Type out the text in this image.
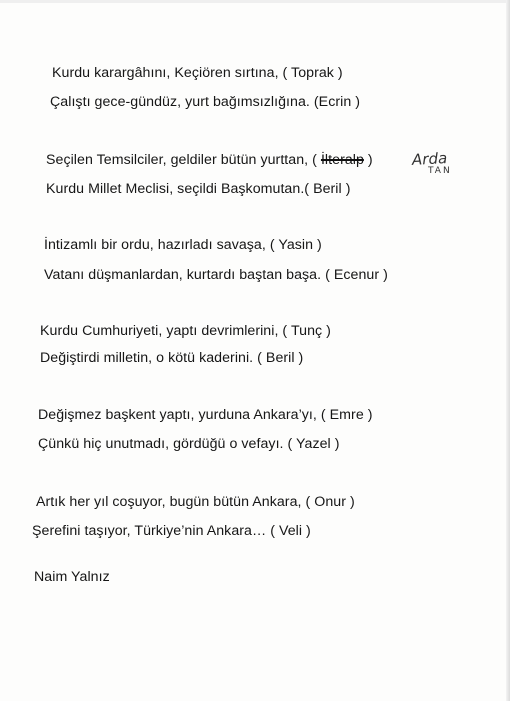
Kurdu karargâhını, Keçiören sırtına, ( Toprak )
Çalıştı gece-gündüz, yurt bağımsızlığına. (Ecrin )
Seçilen Temsilciler, geldiler bütün yurttan, ( İlteralp )
Kurdu Millet Meclisi, seçildi Başkomutan.( Beril )
İntizamlı bir ordu, hazırladı savaşa, ( Yasin )
Vatanı düşmanlardan, kurtardı baştan başa. ( Ecenur )
Kurdu Cumhuriyeti, yaptı devrimlerini, ( Tunç )
Değiştirdi milletin, o kötü kaderini. ( Beril )
Değişmez başkent yaptı, yurduna Ankara’yı, ( Emre )
Çünkü hiç unutmadı, gördüğü o vefayı. ( Yazel )
Artık her yıl coşuyor, bugün bütün Ankara, ( Onur )
Şerefini taşıyor, Türkiye’nin Ankara… ( Veli )
Naim Yalnız
Arda
TAN
